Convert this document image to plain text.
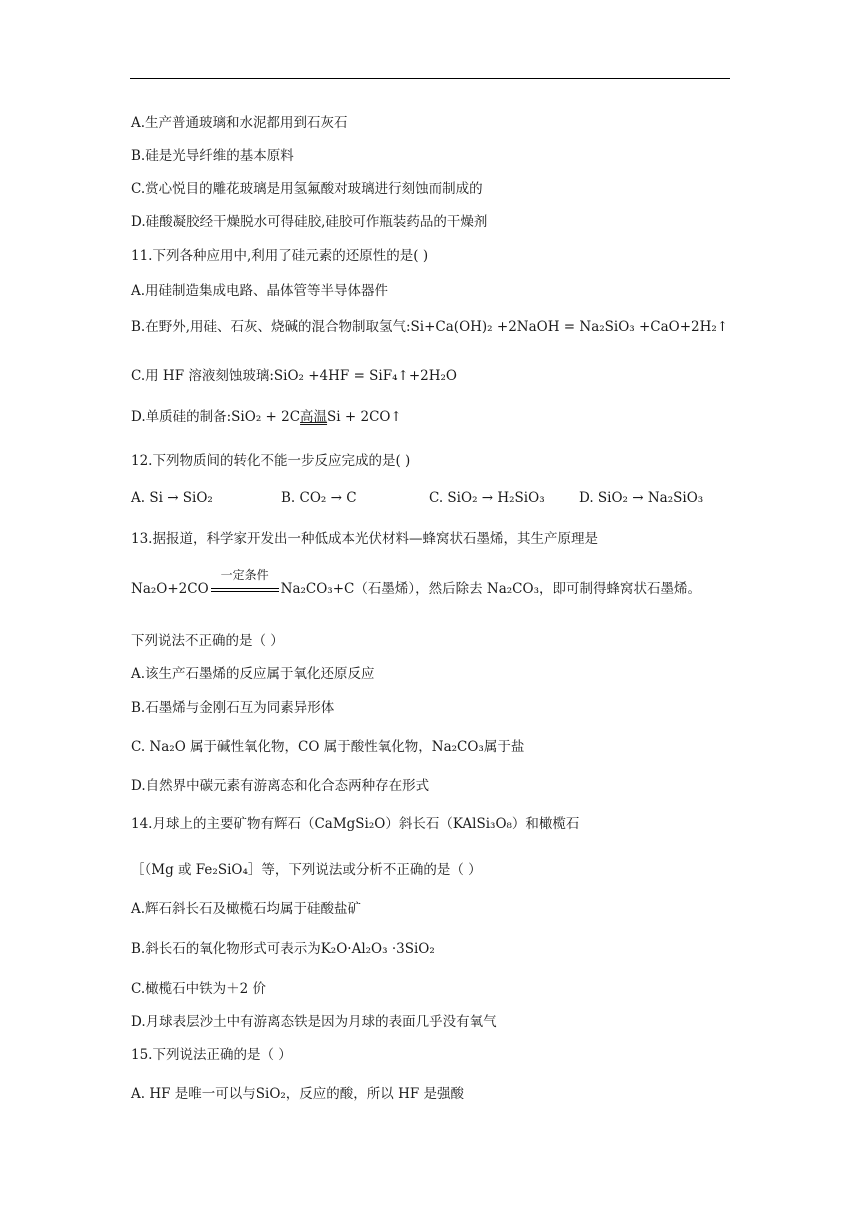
A.生产普通玻璃和水泥都用到石灰石
B.硅是光导纤维的基本原料
C.赏心悦目的雕花玻璃是用氢氟酸对玻璃进行刻蚀而制成的
D.硅酸凝胶经干燥脱水可得硅胶,硅胶可作瓶装药品的干燥剂
11.下列各种应用中,利用了硅元素的还原性的是( )
A.用硅制造集成电路、晶体管等半导体器件
B.在野外,用硅、石灰、烧碱的混合物制取氢气:Si+Ca(OH)₂ +2NaOH = Na₂SiO₃ +CaO+2H₂↑
C.用 HF 溶液刻蚀玻璃:SiO₂ +4HF = SiF₄↑+2H₂O
D.单质硅的制备:SiO₂ + 2C高温Si + 2CO↑
12.下列物质间的转化不能一步反应完成的是( )
A. Si → SiO₂	B. CO₂ → C	C. SiO₂ → H₂SiO₃	D. SiO₂ → Na₂SiO₃
13.据报道，科学家开发出一种低成本光伏材料—蜂窝状石墨烯，其生产原理是
Na₂O+2CO
一定条件
Na₂CO₃+C（石墨烯），然后除去 Na₂CO₃，即可制得蜂窝状石墨烯。
下列说法不正确的是（ ）
A.该生产石墨烯的反应属于氧化还原反应
B.石墨烯与金刚石互为同素异形体
C. Na₂O 属于碱性氧化物，CO 属于酸性氧化物，Na₂CO₃属于盐
D.自然界中碳元素有游离态和化合态两种存在形式
14.月球上的主要矿物有辉石（CaMgSi₂O）斜长石（KAlSi₃O₈）和橄榄石
［（Mg 或 Fe₂SiO₄］等，下列说法或分析不正确的是（ ）
A.辉石斜长石及橄榄石均属于硅酸盐矿
B.斜长石的氧化物形式可表示为K₂O·Al₂O₃ ·3SiO₂
C.橄榄石中铁为＋2 价
D.月球表层沙土中有游离态铁是因为月球的表面几乎没有氧气
15.下列说法正确的是（ ）
A. HF 是唯一可以与SiO₂，反应的酸，所以 HF 是强酸
